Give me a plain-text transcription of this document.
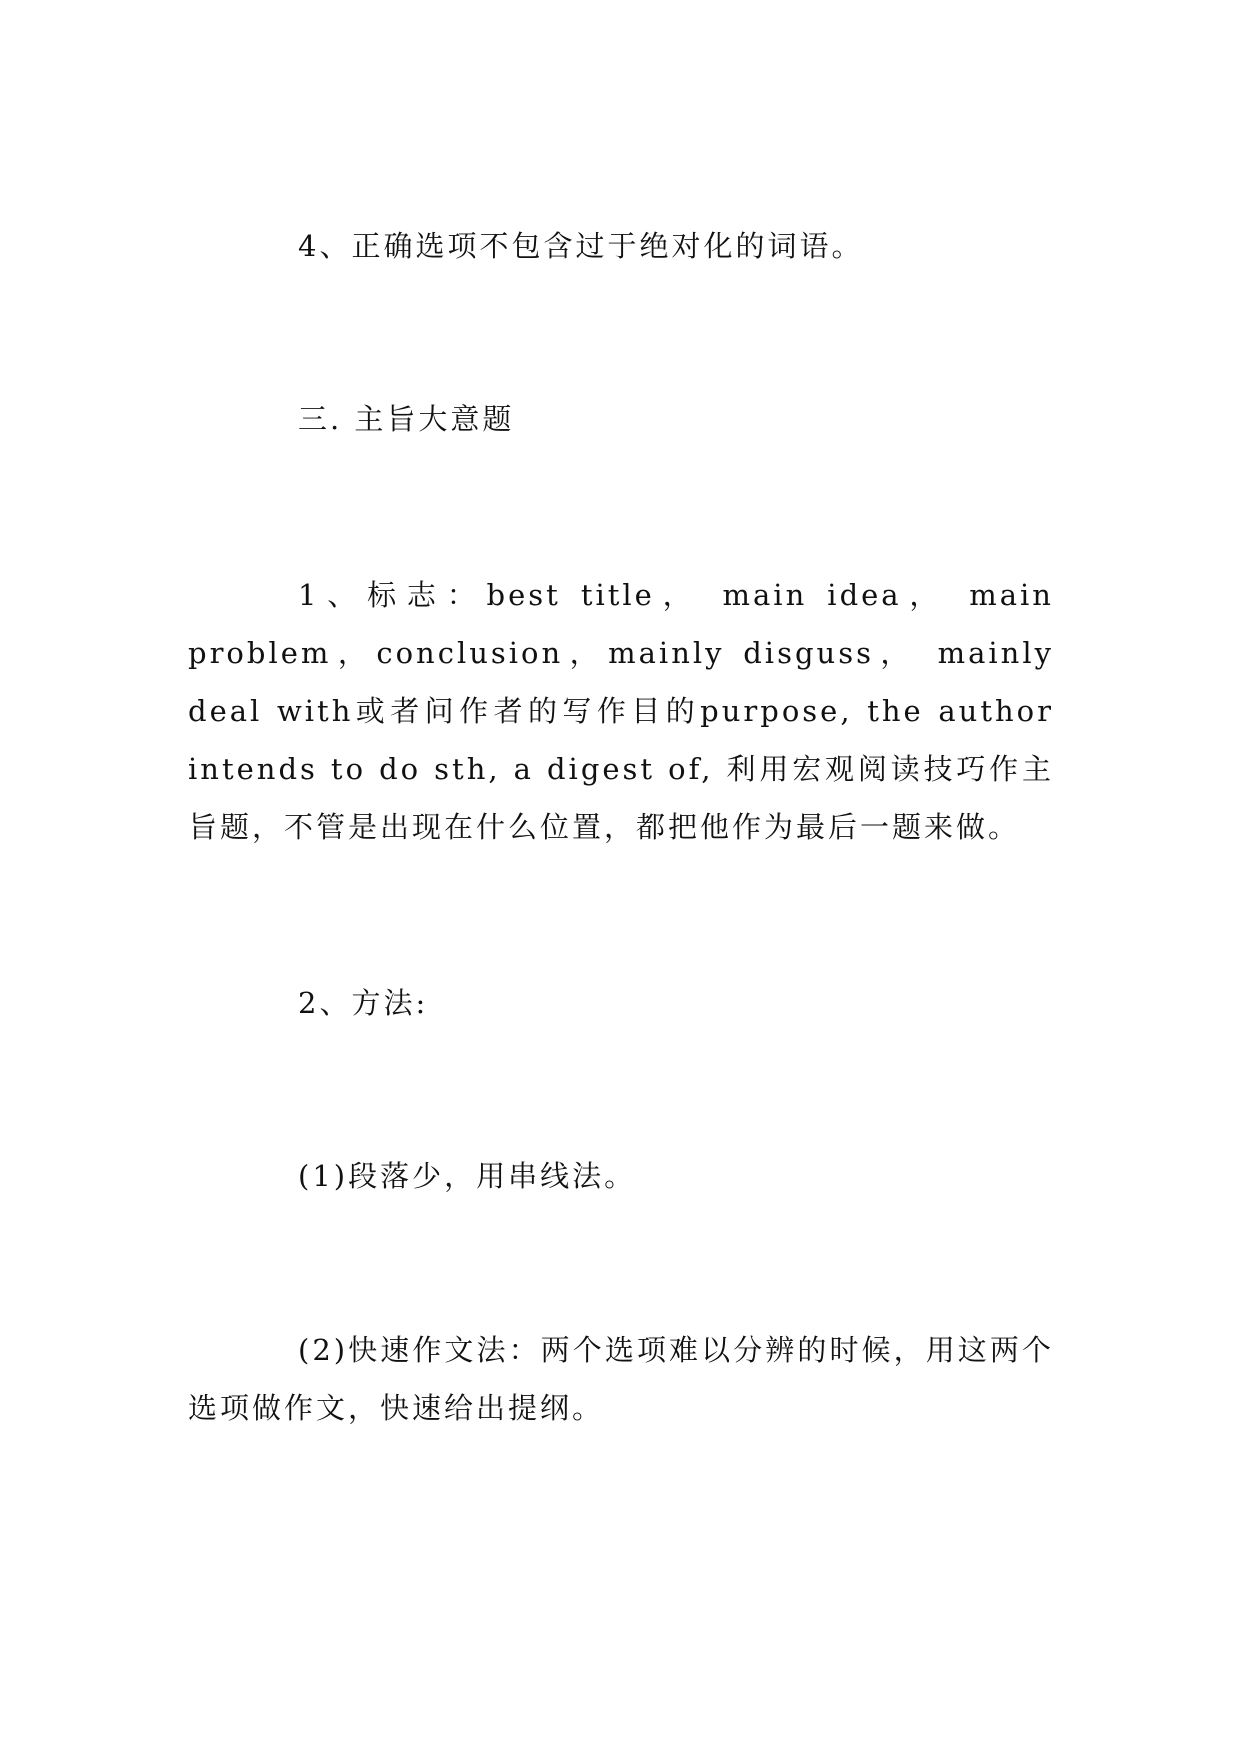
4、正确选项不包含过于绝对化的词语。

三. 主旨大意题

1、标志：best title， main idea， main problem，conclusion，mainly disguss， mainly deal with或者问作者的写作目的purpose, the author intends to do sth, a digest of, 利用宏观阅读技巧作主旨题，不管是出现在什么位置，都把他作为最后一题来做。

2、方法:

(1)段落少，用串线法。

(2)快速作文法：两个选项难以分辨的时候，用这两个选项做作文，快速给出提纲。
